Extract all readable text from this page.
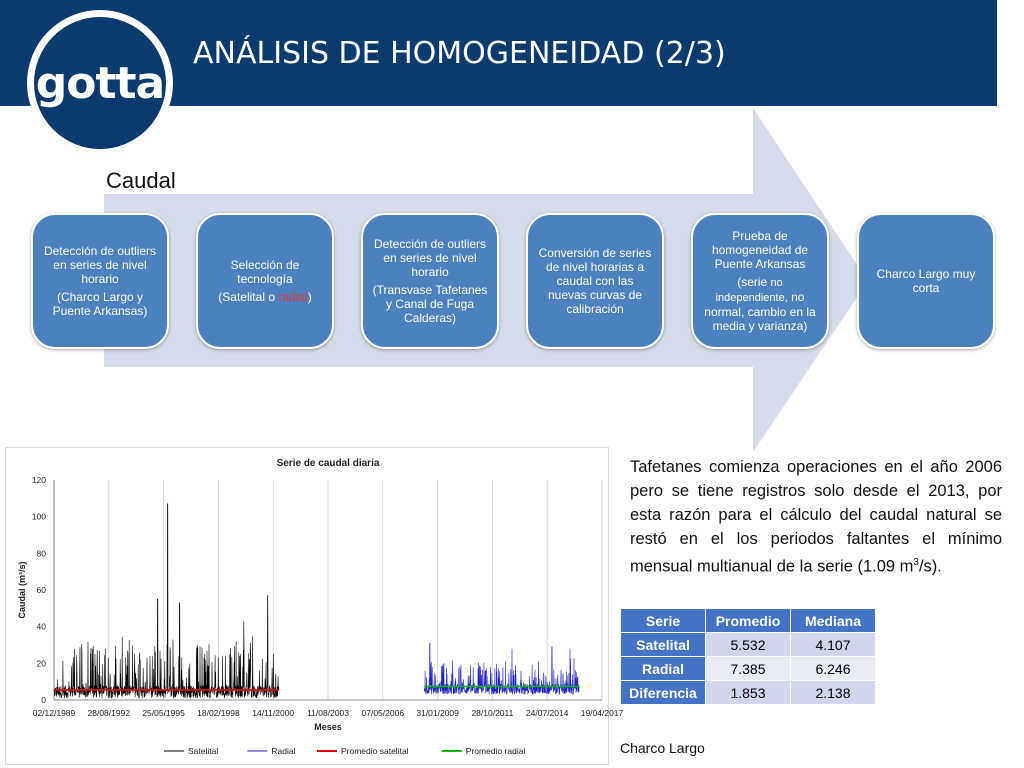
gotta
ANÁLISIS DE HOMOGENEIDAD (2/3)
Caudal

Detección de outliers en series de nivel horario

(Charco Largo y Puente Arkansas)

Selección de tecnología

(Satelital o radial)

Detección de outliers en series de nivel horario

(Transvase Tafetanes y Canal de Fuga Calderas)

Conversión de series de nivel horarias a caudal con las nuevas curvas de calibración

Prueba de homogeneidad de Puente Arkansas

(serie no independiente, no normal, cambio en la media y varianza)

Charco Largo muy corta

Serie de caudal diaria
02/12/1989 28/08/1992 25/05/1995 18/02/1998 14/11/2000 11/08/2003 07/05/2006 31/01/2009 28/10/2011 24/07/2014 19/04/2017
0
20
40
60
80
100
120
Meses
Caudal (m³/s)
Satelital	Radial	Promedio satelital	Promedio radial
Tafetanes comienza operaciones en el año 2006 pero se tiene registros solo desde el 2013, por esta razón para el cálculo del caudal natural se restó en el los periodos faltantes el mínimo mensual multianual de la serie (1.09 $m^3/s$).
Serie	Promedio	Mediana
Satelital	5.532	4.107
Radial	7.385	6.246
Diferencia	1.853	2.138
Charco Largo
